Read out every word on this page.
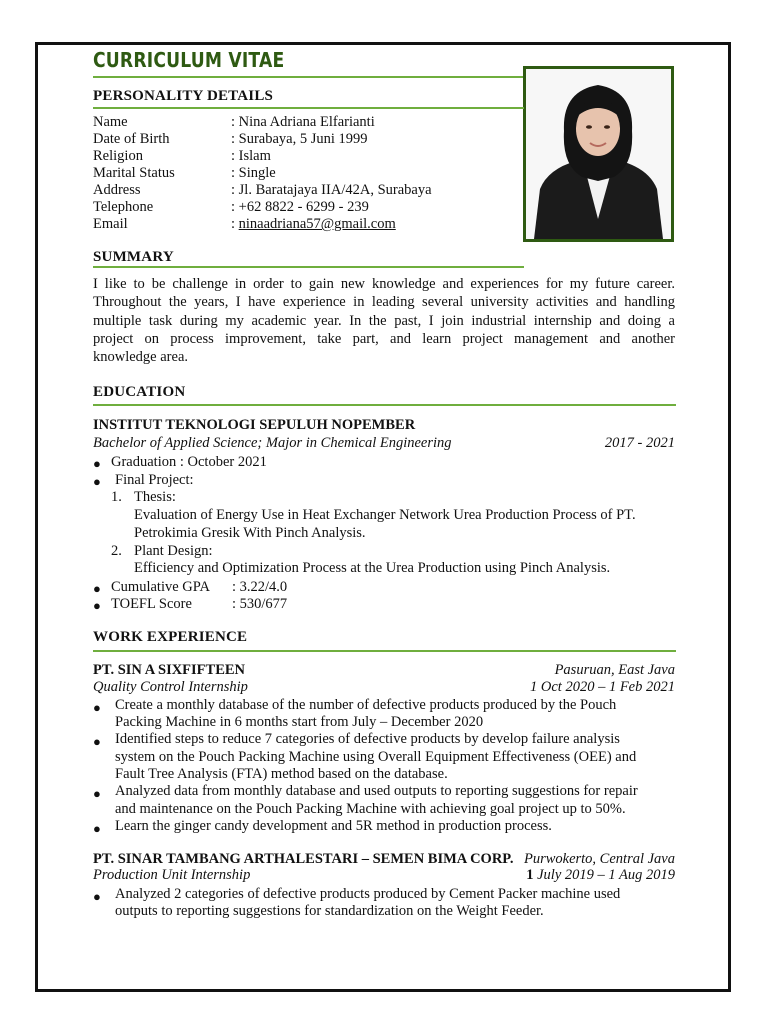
CURRICULUM VITAE
PERSONALITY DETAILS
Name	: Nina Adriana Elfarianti
Date of Birth	: Surabaya, 5 Juni 1999
Religion	: Islam
Marital Status	: Single
Address	: Jl. Baratajaya IIA/42A, Surabaya
Telephone	: +62 8822 - 6299 - 239
Email	: ninaadriana57@gmail.com
SUMMARY
I like to be challenge in order to gain new knowledge and experiences for my future career.
Throughout the years, I have experience in leading several university activities and handling
multiple task during my academic year. In the past, I join industrial internship and doing a
project on process improvement, take part, and learn project management and another
knowledge area.
EDUCATION
INSTITUT TEKNOLOGI SEPULUH NOPEMBER
Bachelor of Applied Science; Major in Chemical Engineering	2017 - 2021
● Graduation : October 2021
● Final Project:
1. Thesis:
Evaluation of Energy Use in Heat Exchanger Network Urea Production Process of PT.
Petrokimia Gresik With Pinch Analysis.
2. Plant Design:
Efficiency and Optimization Process at the Urea Production using Pinch Analysis.
● Cumulative GPA : 3.22/4.0
● TOEFL Score	: 530/677
WORK EXPERIENCE
PT. SIN A SIXFIFTEEN	Pasuruan, East Java
Quality Control Internship	1 Oct 2020 – 1 Feb 2021
● Create a monthly database of the number of defective products produced by the Pouch
Packing Machine in 6 months start from July – December 2020
● Identified steps to reduce 7 categories of defective products by develop failure analysis
system on the Pouch Packing Machine using Overall Equipment Effectiveness (OEE) and
Fault Tree Analysis (FTA) method based on the database.
● Analyzed data from monthly database and used outputs to reporting suggestions for repair
and maintenance on the Pouch Packing Machine with achieving goal project up to 50%.
● Learn the ginger candy development and 5R method in production process.
PT. SINAR TAMBANG ARTHALESTARI – SEMEN BIMA CORP. Purwokerto, Central Java
Production Unit Internship	1 July 2019 – 1 Aug 2019
● Analyzed 2 categories of defective products produced by Cement Packer machine used
outputs to reporting suggestions for standardization on the Weight Feeder.
